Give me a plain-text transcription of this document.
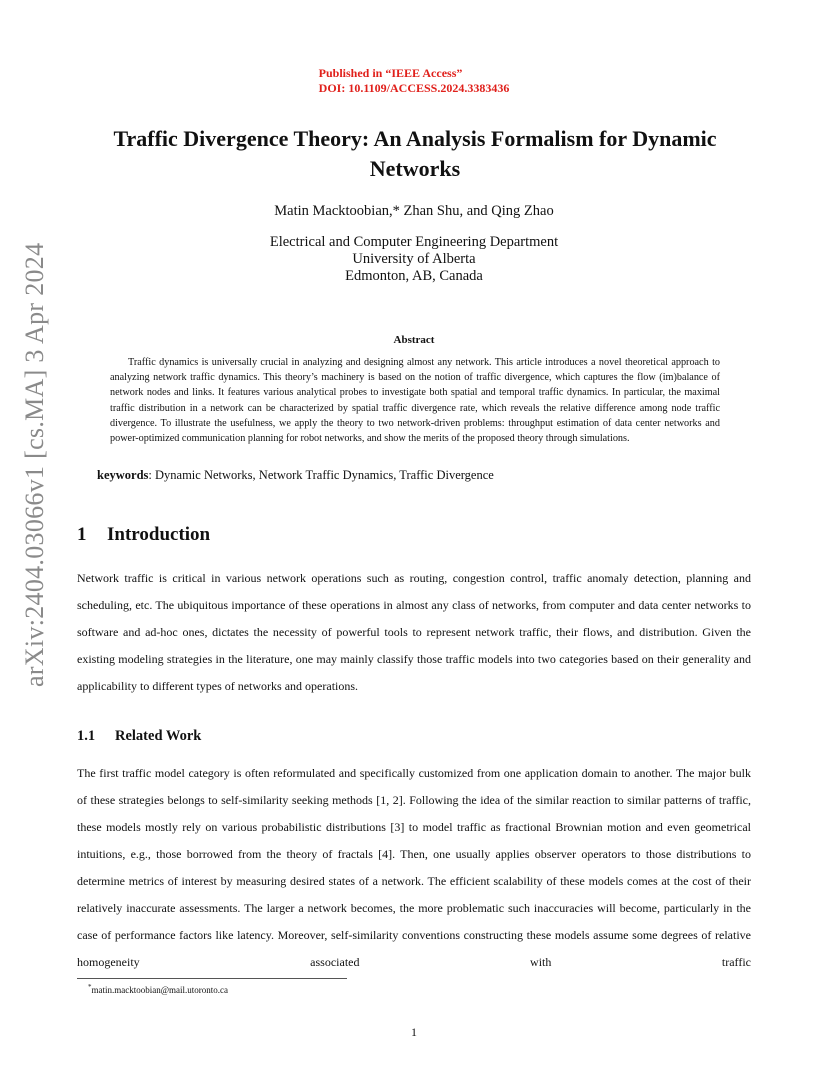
Published in “IEEE Access”
DOI: 10.1109/ACCESS.2024.3383436
Traffic Divergence Theory: An Analysis Formalism for Dynamic Networks
Matin Macktoobian,* Zhan Shu, and Qing Zhao
Electrical and Computer Engineering Department
University of Alberta
Edmonton, AB, Canada
Abstract
Traffic dynamics is universally crucial in analyzing and designing almost any network. This article introduces a novel theoretical approach to analyzing network traffic dynamics. This theory’s machinery is based on the notion of traffic divergence, which captures the flow (im)balance of network nodes and links. It features various analytical probes to investigate both spatial and temporal traffic dynamics. In particular, the maximal traffic distribution in a network can be characterized by spatial traffic divergence rate, which reveals the relative difference among node traffic divergence. To illustrate the usefulness, we apply the theory to two network-driven problems: throughput estimation of data center networks and power-optimized communication planning for robot networks, and show the merits of the proposed theory through simulations.
keywords: Dynamic Networks, Network Traffic Dynamics, Traffic Divergence
1 Introduction
Network traffic is critical in various network operations such as routing, congestion control, traffic anomaly detection, planning and scheduling, etc. The ubiquitous importance of these operations in almost any class of networks, from computer and data center networks to software and ad-hoc ones, dictates the necessity of powerful tools to represent network traffic, their flows, and distribution. Given the existing modeling strategies in the literature, one may mainly classify those traffic models into two categories based on their generality and applicability to different types of networks and operations.
1.1 Related Work
The first traffic model category is often reformulated and specifically customized from one application domain to another. The major bulk of these strategies belongs to self-similarity seeking methods [1, 2]. Following the idea of the similar reaction to similar patterns of traffic, these models mostly rely on various probabilistic distributions [3] to model traffic as fractional Brownian motion and even geometrical intuitions, e.g., those borrowed from the theory of fractals [4]. Then, one usually applies observer operators to those distributions to determine metrics of interest by measuring desired states of a network. The efficient scalability of these models comes at the cost of their relatively inaccurate assessments. The larger a network becomes, the more problematic such inaccuracies will become, particularly in the case of performance factors like latency. Moreover, self-similarity conventions constructing these models assume some degrees of relative homogeneity associated with traffic
*matin.macktoobian@mail.utoronto.ca
arXiv:2404.03066v1 [cs.MA] 3 Apr 2024
1
